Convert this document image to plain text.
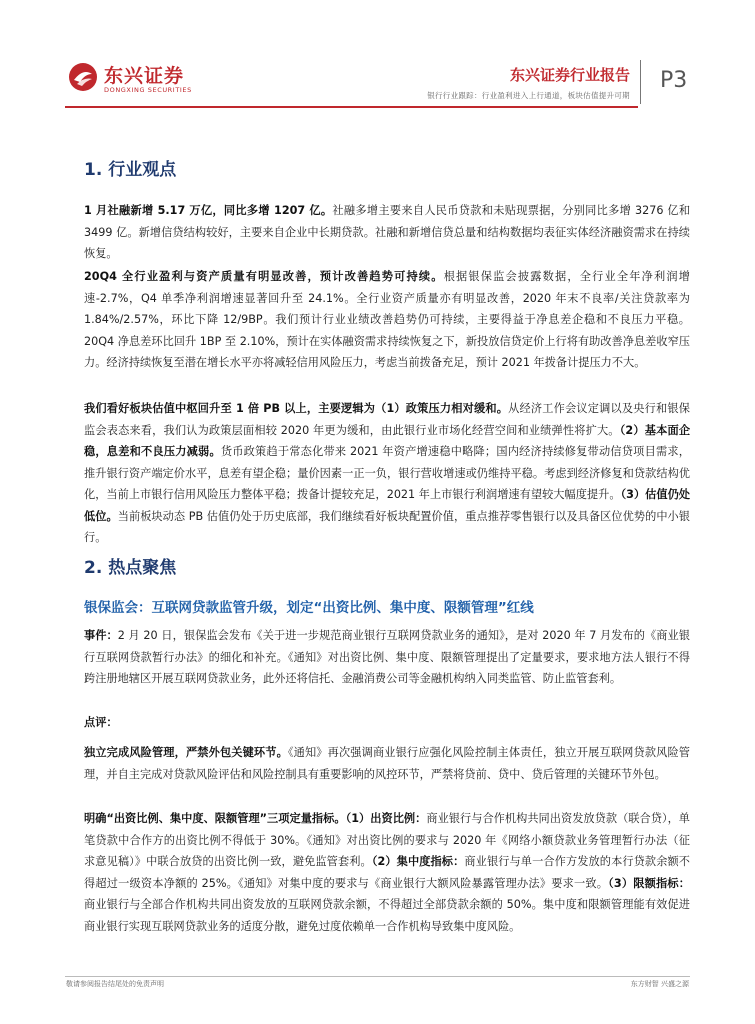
东兴证券
DONGXING SECURITIES
东兴证券行业报告
银行行业跟踪：行业盈利进入上行通道，板块估值提升可期
P3
1. 行业观点

1 月社融新增 5.17 万亿，同比多增 1207 亿。社融多增主要来自人民币贷款和未贴现票据，分别同比多增 3276 亿和 3499 亿。新增信贷结构较好，主要来自企业中长期贷款。社融和新增信贷总量和结构数据均表征实体经济融资需求在持续恢复。

20Q4 全行业盈利与资产质量有明显改善，预计改善趋势可持续。根据银保监会披露数据，全行业全年净利润增速-2.7%，Q4 单季净利润增速显著回升至 24.1%。全行业资产质量亦有明显改善，2020 年末不良率/关注贷款率为 1.84%/2.57%，环比下降 12/9BP。我们预计行业业绩改善趋势仍可持续，主要得益于净息差企稳和不良压力平稳。20Q4 净息差环比回升 1BP 至 2.10%，预计在实体融资需求持续恢复之下，新投放信贷定价上行将有助改善净息差收窄压力。经济持续恢复至潜在增长水平亦将减轻信用风险压力，考虑当前拨备充足，预计 2021 年拨备计提压力不大。

我们看好板块估值中枢回升至 1 倍 PB 以上，主要逻辑为（1）政策压力相对缓和。从经济工作会议定调以及央行和银保监会表态来看，我们认为政策层面相较 2020 年更为缓和，由此银行业市场化经营空间和业绩弹性将扩大。（2）基本面企稳，息差和不良压力减弱。货币政策趋于常态化带来 2021 年资产增速稳中略降；国内经济持续修复带动信贷项目需求，推升银行资产端定价水平，息差有望企稳；量价因素一正一负，银行营收增速或仍维持平稳。考虑到经济修复和贷款结构优化，当前上市银行信用风险压力整体平稳；拨备计提较充足，2021 年上市银行利润增速有望较大幅度提升。（3）估值仍处低位。当前板块动态 PB 估值仍处于历史底部，我们继续看好板块配置价值，重点推荐零售银行以及具备区位优势的中小银行。

2. 热点聚焦
银保监会：互联网贷款监管升级，划定“出资比例、集中度、限额管理”红线

事件：2 月 20 日，银保监会发布《关于进一步规范商业银行互联网贷款业务的通知》，是对 2020 年 7 月发布的《商业银行互联网贷款暂行办法》的细化和补充。《通知》对出资比例、集中度、限额管理提出了定量要求，要求地方法人银行不得跨注册地辖区开展互联网贷款业务，此外还将信托、金融消费公司等金融机构纳入同类监管、防止监管套利。

点评：

独立完成风险管理，严禁外包关键环节。《通知》再次强调商业银行应强化风险控制主体责任，独立开展互联网贷款风险管理，并自主完成对贷款风险评估和风险控制具有重要影响的风控环节，严禁将贷前、贷中、贷后管理的关键环节外包。

明确“出资比例、集中度、限额管理”三项定量指标。（1）出资比例：商业银行与合作机构共同出资发放贷款（联合贷），单笔贷款中合作方的出资比例不得低于 30%。《通知》对出资比例的要求与 2020 年《网络小额贷款业务管理暂行办法（征求意见稿）》中联合放贷的出资比例一致，避免监管套利。（2）集中度指标：商业银行与单一合作方发放的本行贷款余额不得超过一级资本净额的 25%。《通知》对集中度的要求与《商业银行大额风险暴露管理办法》要求一致。（3）限额指标：商业银行与全部合作机构共同出资发放的互联网贷款余额，不得超过全部贷款余额的 50%。集中度和限额管理能有效促进商业银行实现互联网贷款业务的适度分散，避免过度依赖单一合作机构导致集中度风险。

敬请参阅报告结尾处的免责声明	东方财智 兴盛之源
